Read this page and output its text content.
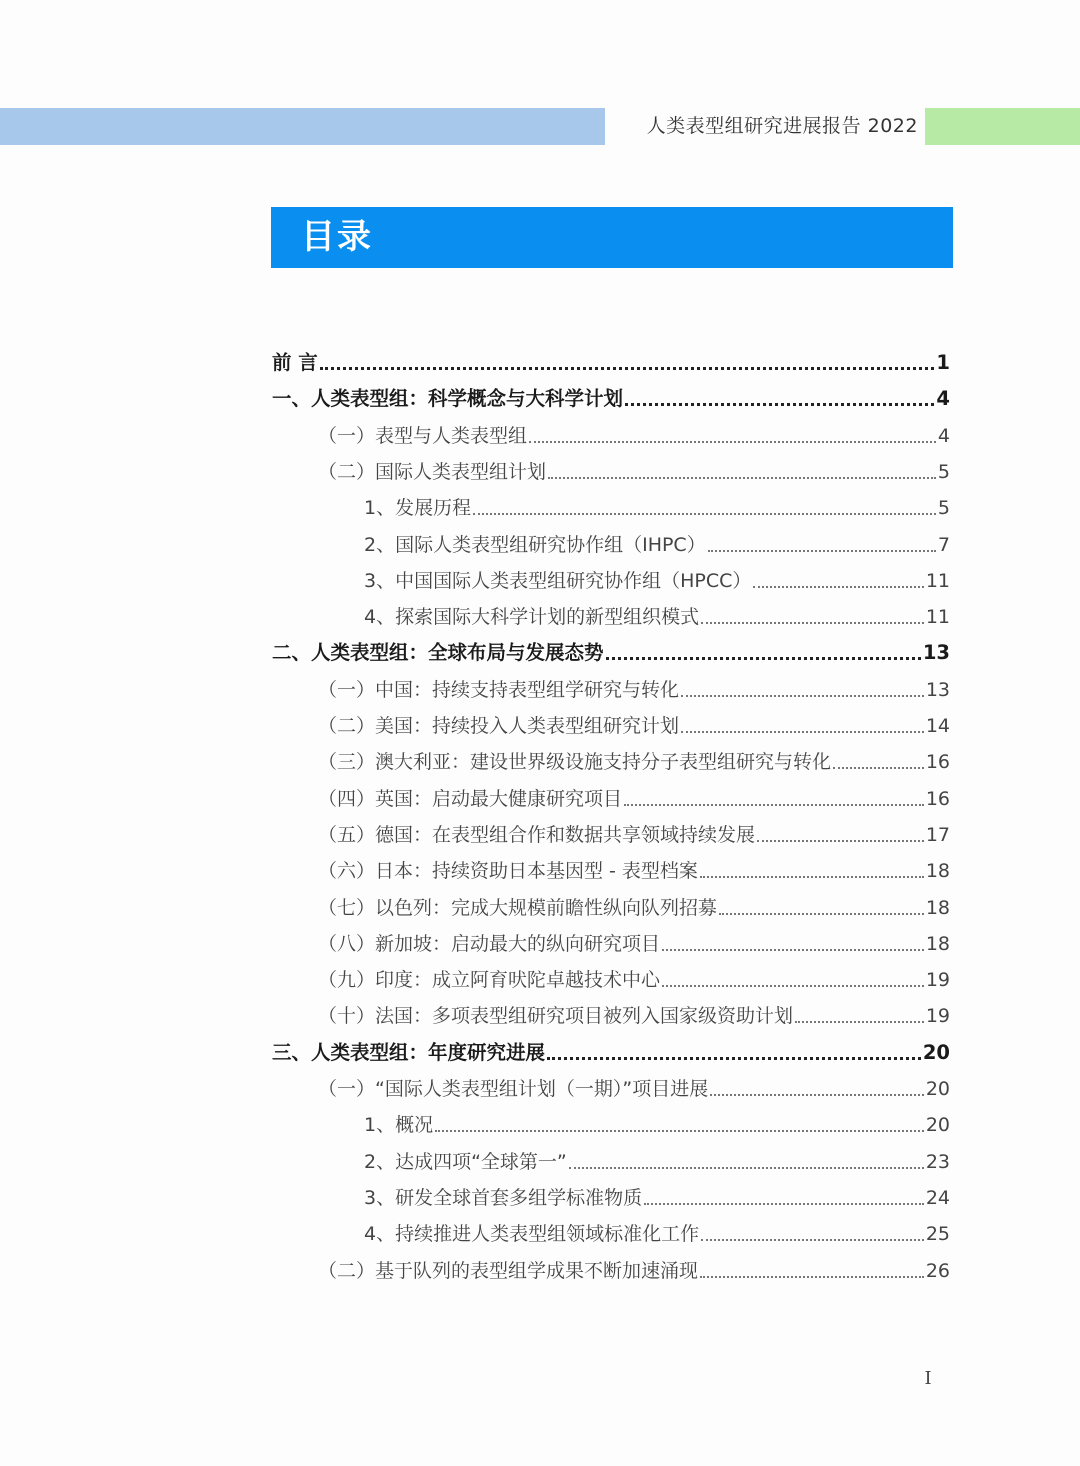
人类表型组研究进展报告 2022
目录
前 言	1
一、人类表型组：科学概念与大科学计划	4
（一）表型与人类表型组	4
（二）国际人类表型组计划	5
1、发展历程	5
2、国际人类表型组研究协作组（IHPC）	7
3、中国国际人类表型组研究协作组（HPCC）	11
4、探索国际大科学计划的新型组织模式	11
二、人类表型组：全球布局与发展态势	13
（一）中国：持续支持表型组学研究与转化	13
（二）美国：持续投入人类表型组研究计划	14
（三）澳大利亚：建设世界级设施支持分子表型组研究与转化	16
（四）英国：启动最大健康研究项目	16
（五）德国：在表型组合作和数据共享领域持续发展	17
（六）日本：持续资助日本基因型 - 表型档案	18
（七）以色列：完成大规模前瞻性纵向队列招募	18
（八）新加坡：启动最大的纵向研究项目	18
（九）印度：成立阿育吠陀卓越技术中心	19
（十）法国：多项表型组研究项目被列入国家级资助计划	19
三、人类表型组：年度研究进展	20
（一）“国际人类表型组计划（一期）”项目进展	20
1、概况	20
2、达成四项“全球第一”	23
3、研发全球首套多组学标准物质	24
4、持续推进人类表型组领域标准化工作	25
（二）基于队列的表型组学成果不断加速涌现	26
I
